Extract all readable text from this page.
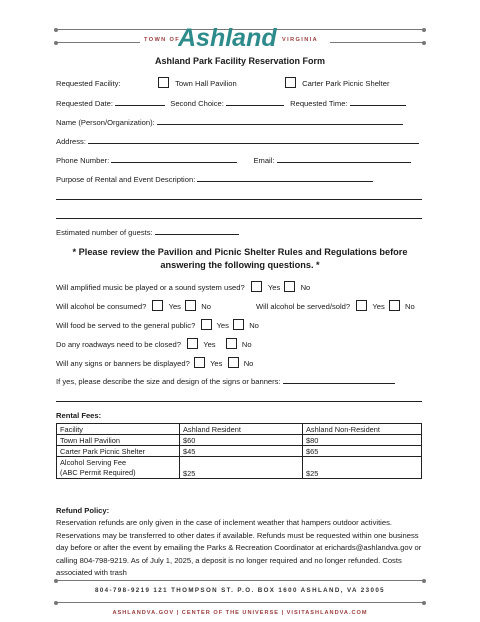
TOWN OF
Ashland VIRGINIA
Ashland Park Facility Reservation Form
Requested Facility:	Town Hall Pavilion	Carter Park Picnic Shelter
Requested Date:	Second Choice:	Requested Time:
Name (Person/Organization):
Address:
Phone Number:	Email:
Purpose of Rental and Event Description:
Estimated number of guests:
* Please review the Pavilion and Picnic Shelter Rules and Regulations before answering the following questions. *
Will amplified music be played or a sound system used?	Yes	No
Will alcohol be consumed?	Yes	No	Will alcohol be served/sold?	Yes	No
Will food be served to the general public?	Yes	No
Do any roadways need to be closed?	Yes	No
Will any signs or banners be displayed?	Yes	No
If yes, please describe the size and design of the signs or banners:
Rental Fees:
Facility	Ashland Resident	Ashland Non-Resident
Town Hall Pavilion	$60	$80
Carter Park Picnic Shelter	$45	$65

Alcohol Serving Fee
(ABC Permit Required)	$25	$25
Refund Policy:
Reservation refunds are only given in the case of inclement weather that hampers outdoor activities. Reservations may be transferred to other dates if available. Refunds must be requested within one business day before or after the event by emailing the Parks & Recreation Coordinator at erichards@ashlandva.gov or calling 804-798-9219. As of July 1, 2025, a deposit is no longer required and no longer refunded. Costs associated with trash
804-798-9219 121 THOMPSON ST. P.O. BOX 1600 ASHLAND, VA 23005
ASHLANDVA.GOV | CENTER OF THE UNIVERSE | VISITASHLANDVA.COM
